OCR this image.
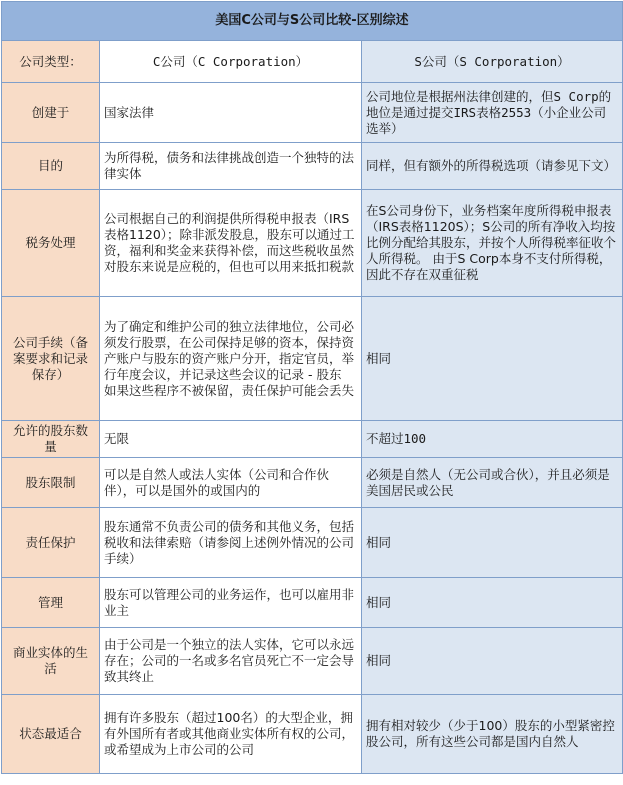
美国C公司与S公司比较-区别综述		
公司类型：	C公司（C Corporation）	S公司（S Corporation）
创建于	国家法律	公司地位是根据州法律创建的，但S Corp的地位是通过提交IRS表格2553（小企业公司选举）
目的	为所得税，债务和法律挑战创造一个独特的法律实体	同样，但有额外的所得税选项（请参见下文）
税务处理	公司根据自己的利润提供所得税申报表（IRS表格1120）；除非派发股息，股东可以通过工资，福利和奖金来获得补偿，而这些税收虽然对股东来说是应税的，但也可以用来抵扣税款	在S公司身份下，业务档案年度所得税申报表（IRS表格1120S）；S公司的所有净收入均按比例分配给其股东，并按个人所得税率征收个人所得税。 由于S Corp本身不支付所得税，因此不存在双重征税
公司手续（备案要求和记录保存）	为了确定和维护公司的独立法律地位，公司必须发行股票，在公司保持足够的资本，保持资产账户与股东的资产账户分开，指定官员，举行年度会议，并记录这些会议的记录 - 股东 如果这些程序不被保留，责任保护可能会丢失	相同
允许的股东数量	无限	不超过100
股东限制	可以是自然人或法人实体（公司和合作伙伴），可以是国外的或国内的	必须是自然人（无公司或合伙），并且必须是美国居民或公民
责任保护	股东通常不负责公司的债务和其他义务，包括税收和法律索赔（请参阅上述例外情况的公司手续）	相同
管理	股东可以管理公司的业务运作，也可以雇用非业主	相同
商业实体的生活	由于公司是一个独立的法人实体，它可以永远存在；公司的一名或多名官员死亡不一定会导致其终止	相同
状态最适合	拥有许多股东（超过100名）的大型企业，拥有外国所有者或其他商业实体所有权的公司，或希望成为上市公司的公司	拥有相对较少（少于100）股东的小型紧密控股公司，所有这些公司都是国内自然人
